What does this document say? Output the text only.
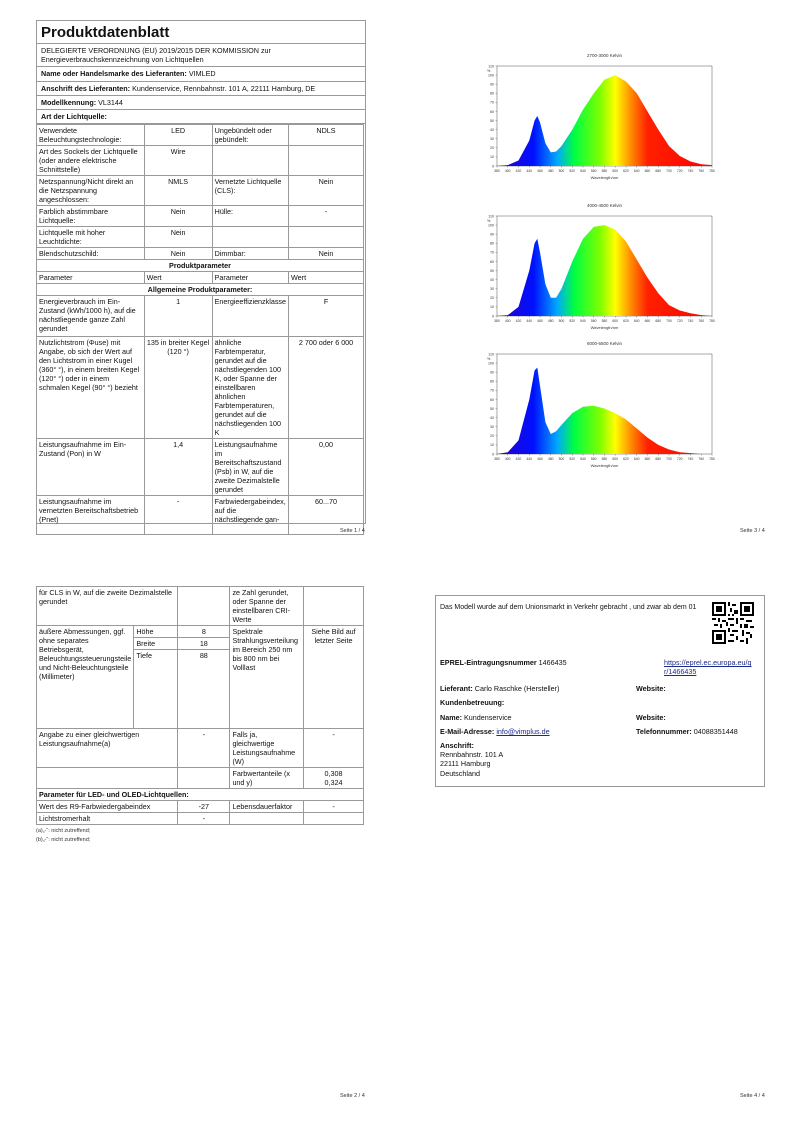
Produktdatenblatt
DELEGIERTE VERORDNUNG (EU) 2019/2015 DER KOMMISSION zur Energieverbrauchskennzeichnung von Lichtquellen
Name oder Handelsmarke des Lieferanten: VIMLED
Anschrift des Lieferanten: Kundenservice, Rennbahnstr. 101 A, 22111 Hamburg, DE
Modellkennung: VL3144
Art der Lichtquelle:
Verwendete Beleuchtungstechnologie:	LED	Ungebündelt oder gebündelt:	NDLS
Art des Sockels der Lichtquelle (oder andere elektrische Schnittstelle)	Wire		
Netzspannung/Nicht direkt an die Netzspannung angeschlossen:	NMLS	Vernetzte Lichtquelle (CLS):	Nein
Farblich abstimmbare Lichtquelle:	Nein	Hülle:	-
Lichtquelle mit hoher Leuchtdichte:	Nein		
Blendschutzschild:	Nein	Dimmbar:	Nein
Produktparameter			
Parameter	Wert	Parameter	Wert
Allgemeine Produktparameter:			
Energieverbrauch im Ein-Zustand (kWh/1000 h), auf die nächstliegende ganze Zahl gerundet	1	Energieeffizienzklasse	F
Nutzlichtstrom (Φuse) mit Angabe, ob sich der Wert auf den Lichtstrom in einer Kugel (360° °), in einem breiten Kegel (120° °) oder in einem schmalen Kegel (90° °) bezieht	135 in breiter Kegel (120 °)	ähnliche Farbtemperatur, gerundet auf die nächstliegenden 100 K, oder Spanne der einstellbaren ähnlichen Farbtemperaturen, gerundet auf die nächstliegenden 100 K	2 700 oder 6 000
Leistungsaufnahme im Ein-Zustand (Pon) in W	1,4	Leistungsaufnahme im Bereitschaftszustand (Psb) in W, auf die zweite Dezimalstelle gerundet	0,00
Leistungsaufnahme im vernetzten Bereitschaftsbetrieb (Pnet)	-	Farbwiedergabeindex, auf die nächstliegende gan-	60...70
Seite 1 / 4
2700-3000 Kelvin
0
10
20
30
40
50
60
70
80
90
100
110
380 400 420 440 460 480 500 520 540 560 580 600 620 640 660 680 700 720 740 760 780
%
Wavelength/nm
4000-4500 Kelvin
0
10
20
30
40
50
60
70
80
90
100
110
380 400 420 440 460 480 500 520 540 560 580 600 620 640 660 680 700 720 740 760 780
%
Wavelength/nm
6000-6500 Kelvin
0
10
20
30
40
50
60
70
80
90
100
110
380 400 420 440 460 480 500 520 540 560 580 600 620 640 660 680 700 720 740 760 780
%
Wavelength/nm
Seite 3 / 4
für CLS in W, auf die zweite Dezimalstelle gerundet			ze Zahl gerundet, oder Spanne der einstellbaren CRI-Werte	
äußere Abmessungen, ggf. ohne separates Betriebsgerät, Beleuchtungssteuerungsteile und Nicht-Beleuchtungsteile (Millimeter)	Höhe	8	Spektrale Strahlungsverteilung im Bereich 250 nm bis 800 nm bei Volllast	Siehe Bild auf letzter Seite
	Breite	18		
	Tiefe	88		
Angabe zu einer gleichwertigen Leistungsaufnahme(a)		-	Falls ja, gleichwertige Leistungsaufnahme (W)	-
			Farbwertanteile (x und y)	0,308
0,324

Parameter für LED- und OLED-Lichtquellen:				
Wert des R9-Farbwiedergabeindex		-27	Lebensdauerfaktor	-
Lichtstromerhalt		-		
(a)„-“: nicht zutreffend;
(b)„-“: nicht zutreffend;
Seite 2 / 4
Das Modell wurde auf dem Unionsmarkt in Verkehr gebracht , und zwar ab dem 01
EPREL-Eintragungsnummer 1466435	https://eprel.ec.europa.eu/qr/1466435
Lieferant: Carlo Raschke (Hersteller)	Website:
Kundenbetreuung:
Name: Kundenservice	Website:
E-Mail-Adresse: info@vimplus.de	Telefonnummer: 04088351448
Anschrift:
Rennbahnstr. 101 A
22111 Hamburg
Deutschland
Seite 4 / 4
